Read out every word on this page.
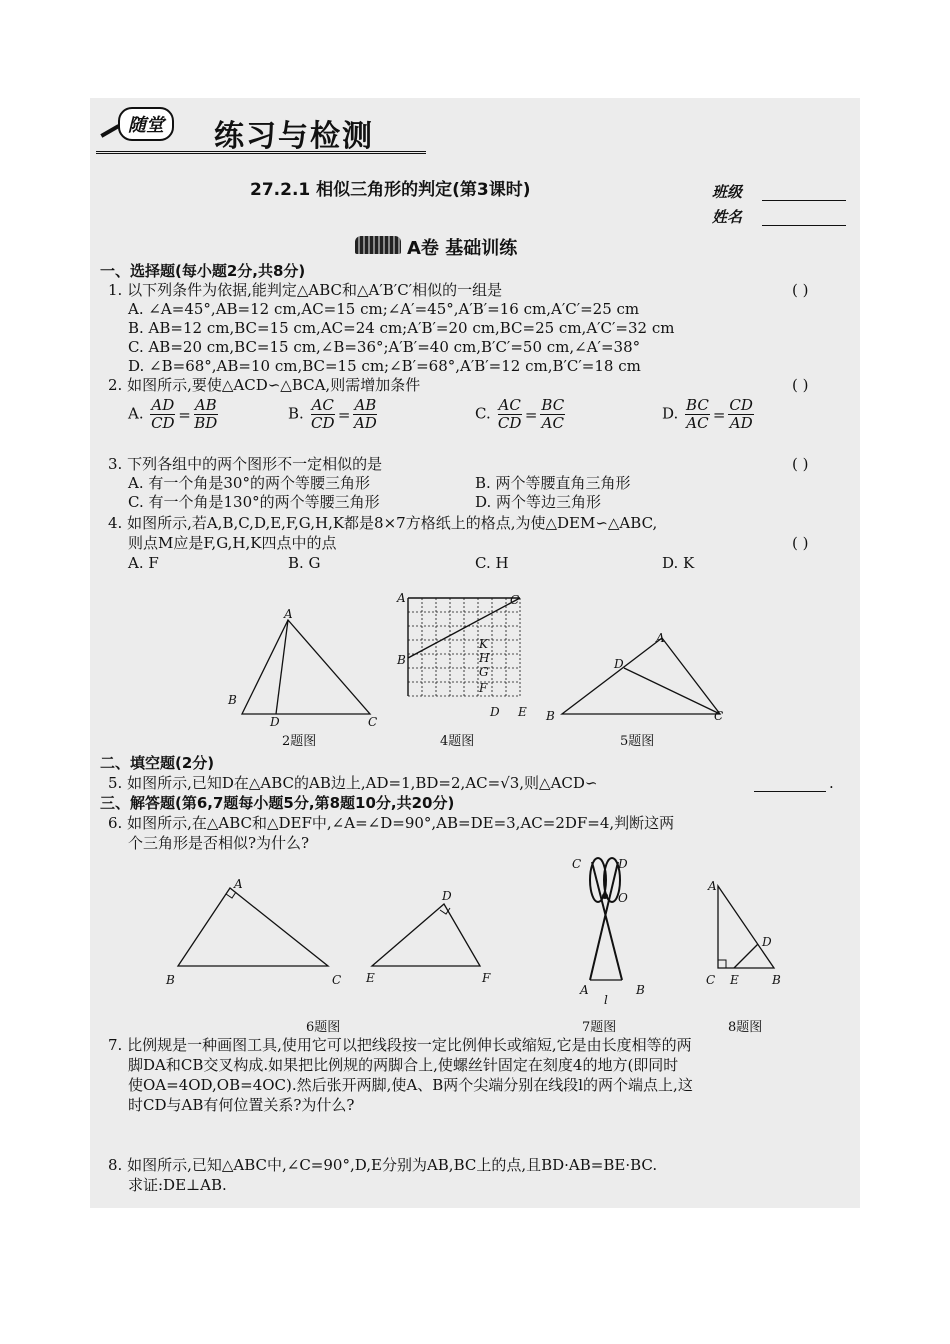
随堂	练习与检测
27.2.1 相似三角形的判定(第3课时)	班级
姓名
A卷 基础训练
一、选择题(每小题2分,共8分)
1. 以下列条件为依据,能判定△ABC和△A′B′C′相似的一组是	( )
A. ∠A=45°,AB=12 cm,AC=15 cm;∠A′=45°,A′B′=16 cm,A′C′=25 cm
B. AB=12 cm,BC=15 cm,AC=24 cm;A′B′=20 cm,BC=25 cm,A′C′=32 cm
C. AB=20 cm,BC=15 cm,∠B=36°;A′B′=40 cm,B′C′=50 cm,∠A′=38°
D. ∠B=68°,AB=10 cm,BC=15 cm;∠B′=68°,A′B′=12 cm,B′C′=18 cm
2. 如图所示,要使△ACD∽△BCA,则需增加条件	( )
A. $\frac{AD}{CD} = \frac{AB}{BD}$	B. $\frac{AC}{CD} = \frac{AB}{AD}$	C. $\frac{AC}{CD} = \frac{BC}{AC}$	D. $\frac{BC}{AC} = \frac{CD}{AD}$
3. 下列各组中的两个图形不一定相似的是	( )
A. 有一个角是30°的两个等腰三角形	B. 两个等腰直角三角形
C. 有一个角是130°的两个等腰三角形	D. 两个等边三角形
4. 如图所示,若A,B,C,D,E,F,G,H,K都是8×7方格纸上的格点,为使△DEM∽△ABC,
则点M应是F,G,H,K四点中的点	( )
A. F	B. G	C. H	D. K
A
B
D	C
2题图
A
B
C
K
H
G
F
D E
4题图
A
D
B	C
5题图
二、填空题(2分)
5. 如图所示,已知D在△ABC的AB边上,AD=1,BD=2,AC=√3,则△ACD∽	.
三、解答题(第6,7题每小题5分,第8题10分,共20分)
6. 如图所示,在△ABC和△DEF中,∠A=∠D=90°,AB=DE=3,AC=2DF=4,判断这两
个三角形是否相似?为什么?
A
B	C
D
E	F
6题图
C	D
O
A	B
l
7题图
A
D
C E	B
8题图
7. 比例规是一种画图工具,使用它可以把线段按一定比例伸长或缩短,它是由长度相等的两
脚DA和CB交叉构成.如果把比例规的两脚合上,使螺丝针固定在刻度4的地方(即同时
使OA=4OD,OB=4OC).然后张开两脚,使A、B两个尖端分别在线段l的两个端点上,这
时CD与AB有何位置关系?为什么?
8. 如图所示,已知△ABC中,∠C=90°,D,E分别为AB,BC上的点,且BD·AB=BE·BC.
求证:DE⊥AB.
